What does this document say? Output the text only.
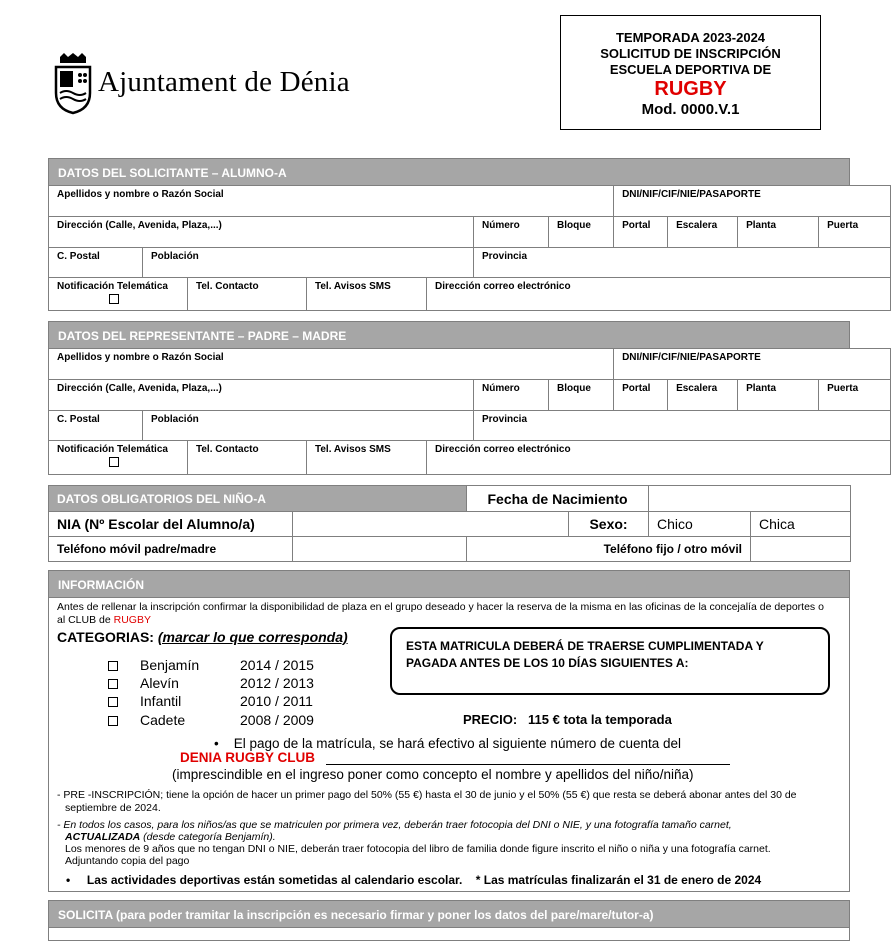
Ajuntament de Dénia
TEMPORADA 2023-2024
SOLICITUD DE INSCRIPCIÓN
ESCUELA DEPORTIVA DE
RUGBY
Mod. 0000.V.1
DATOS DEL SOLICITANTE – ALUMNO-A
Apellidos y nombre o Razón Social							DNI/NIF/CIF/NIE/PASAPORTE			
Dirección (Calle, Avenida, Plaza,...)					Número	Bloque	Portal	Escalera	Planta	Puerta
C. Postal	Población				Provincia					

Notificación Telemática		Tel. Contacto	Tel. Avisos SMS	Dirección correo electrónico						
DATOS DEL REPRESENTANTE – PADRE – MADRE
Apellidos y nombre o Razón Social							DNI/NIF/CIF/NIE/PASAPORTE			
Dirección (Calle, Avenida, Plaza,...)					Número	Bloque	Portal	Escalera	Planta	Puerta
C. Postal	Población				Provincia					

Notificación Telemática		Tel. Contacto	Tel. Avisos SMS	Dirección correo electrónico						
DATOS OBLIGATORIOS DEL NIÑO-A		Fecha de Nacimiento			
NIA (Nº Escolar del Alumno/a)			Sexo:	Chico	Chica
Teléfono móvil padre/madre		Teléfono fijo / otro móvil			
INFORMACIÓN
Antes de rellenar la inscripción confirmar la disponibilidad de plaza en el grupo deseado y hacer la reserva de la misma en las oficinas de la concejalía de deportes o
al CLUB de RUGBY
CATEGORIAS: (marcar lo que corresponda)
Benjamín	2014 / 2015
Alevín	2012 / 2013
Infantil	2010 / 2011
Cadete	2008 / 2009
ESTA MATRICULA DEBERÁ DE TRAERSE CUMPLIMENTADA Y PAGADA ANTES DE LOS 10 DÍAS SIGUIENTES A:
PRECIO: 115 € tota la temporada
• El pago de la matrícula, se hará efectivo al siguiente número de cuenta del
DENIA RUGBY CLUB
(imprescindible en el ingreso poner como concepto el nombre y apellidos del niño/niña)
- PRE -INSCRIPCIÓN; tiene la opción de hacer un primer pago del 50% (55 €) hasta el 30 de junio y el 50% (55 €) que resta se deberá abonar antes del 30 de
septiembre de 2024.
- En todos los casos, para los niños/as que se matriculen por primera vez, deberán traer fotocopia del DNI o NIE, y una fotografía tamaño carnet,
ACTUALIZADA (desde categoría Benjamín).
Los menores de 9 años que no tengan DNI o NIE, deberán traer fotocopia del libro de familia donde figure inscrito el niño o niña y una fotografía carnet.
Adjuntando copia del pago
• Las actividades deportivas están sometidas al calendario escolar. * Las matrículas finalizarán el 31 de enero de 2024
SOLICITA (para poder tramitar la inscripción es necesario firmar y poner los datos del pare/mare/tutor-a)
